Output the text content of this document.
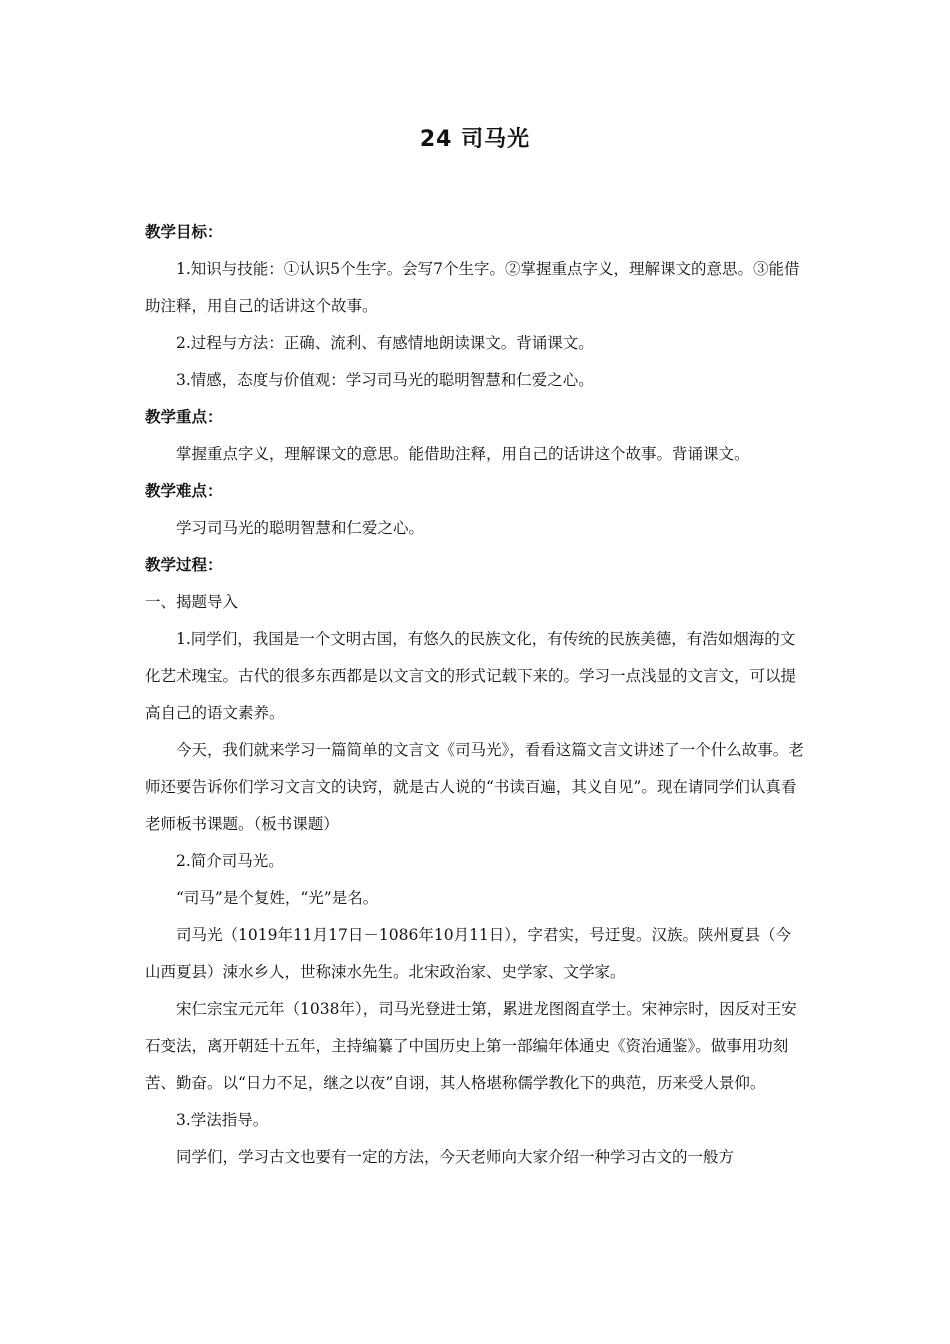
24 司马光

教学目标：

1.知识与技能：①认识5个生字。会写7个生字。②掌握重点字义，理解课文的意思。③能借助注释，用自己的话讲这个故事。

2.过程与方法：正确、流利、有感情地朗读课文。背诵课文。

3.情感，态度与价值观：学习司马光的聪明智慧和仁爱之心。

教学重点：

掌握重点字义，理解课文的意思。能借助注释，用自己的话讲这个故事。背诵课文。

教学难点：

学习司马光的聪明智慧和仁爱之心。

教学过程：

一、揭题导入

1.同学们，我国是一个文明古国，有悠久的民族文化，有传统的民族美德，有浩如烟海的文化艺术瑰宝。古代的很多东西都是以文言文的形式记载下来的。学习一点浅显的文言文，可以提高自己的语文素养。

今天，我们就来学习一篇简单的文言文《司马光》，看看这篇文言文讲述了一个什么故事。老师还要告诉你们学习文言文的诀窍，就是古人说的“书读百遍，其义自见”。现在请同学们认真看老师板书课题。（板书课题）

2.简介司马光。

“司马”是个复姓，“光”是名。

司马光（1019年11月17日－1086年10月11日），字君实，号迂叟。汉族。陕州夏县（今山西夏县）涑水乡人，世称涑水先生。北宋政治家、史学家、文学家。

宋仁宗宝元元年（1038年），司马光登进士第，累进龙图阁直学士。宋神宗时，因反对王安石变法，离开朝廷十五年，主持编纂了中国历史上第一部编年体通史《资治通鉴》。做事用功刻苦、勤奋。以“日力不足，继之以夜”自诩，其人格堪称儒学教化下的典范，历来受人景仰。

3.学法指导。

同学们，学习古文也要有一定的方法，今天老师向大家介绍一种学习古文的一般方
